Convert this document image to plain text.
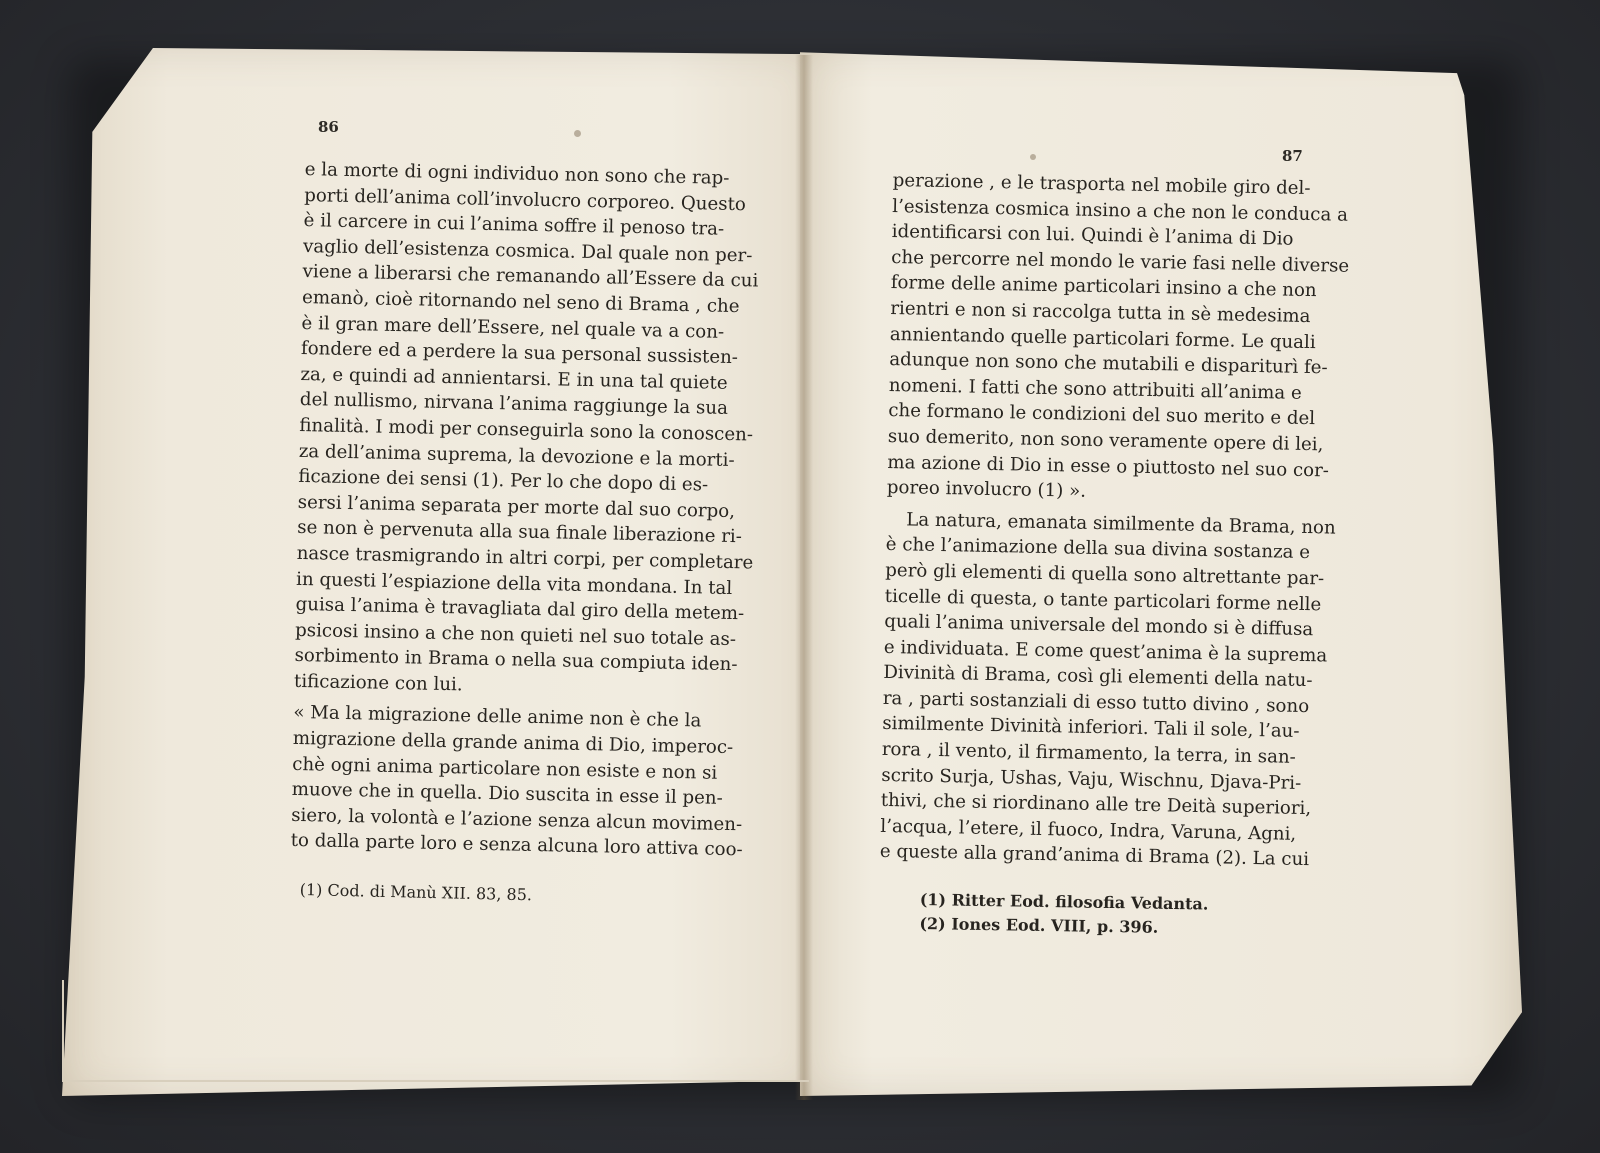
86
87
e la morte di ogni individuo non sono che rap-
porti dell’anima coll’involucro corporeo. Questo
è il carcere in cui l’anima soffre il penoso tra-
vaglio dell’esistenza cosmica. Dal quale non per-
viene a liberarsi che remanando all’Essere da cui
emanò, cioè ritornando nel seno di Brama , che
è il gran mare dell’Essere, nel quale va a con-
fondere ed a perdere la sua personal sussisten-
za, e quindi ad annientarsi. E in una tal quiete
del nullismo, nirvana l’anima raggiunge la sua
finalità. I modi per conseguirla sono la conoscen-
za dell’anima suprema, la devozione e la morti-
ficazione dei sensi (1). Per lo che dopo di es-
sersi l’anima separata per morte dal suo corpo,
se non è pervenuta alla sua finale liberazione ri-
nasce trasmigrando in altri corpi, per completare
in questi l’espiazione della vita mondana. In tal
guisa l’anima è travagliata dal giro della metem-
psicosi insino a che non quieti nel suo totale as-
sorbimento in Brama o nella sua compiuta iden-
tificazione con lui.
« Ma la migrazione delle anime non è che la
migrazione della grande anima di Dio, imperoc-
chè ogni anima particolare non esiste e non si
muove che in quella. Dio suscita in esse il pen-
siero, la volontà e l’azione senza alcun movimen-
to dalla parte loro e senza alcuna loro attiva coo-
(1) Cod. di Manù XII. 83, 85.
perazione , e le trasporta nel mobile giro del-
l’esistenza cosmica insino a che non le conduca a
identificarsi con lui. Quindi è l’anima di Dio
che percorre nel mondo le varie fasi nelle diverse
forme delle anime particolari insino a che non
rientri e non si raccolga tutta in sè medesima
annientando quelle particolari forme. Le quali
adunque non sono che mutabili e dispariturì fe-
nomeni. I fatti che sono attribuiti all’anima e
che formano le condizioni del suo merito e del
suo demerito, non sono veramente opere di lei,
ma azione di Dio in esse o piuttosto nel suo cor-
poreo involucro (1) ».
La natura, emanata similmente da Brama, non
è che l’animazione della sua divina sostanza e
però gli elementi di quella sono altrettante par-
ticelle di questa, o tante particolari forme nelle
quali l’anima universale del mondo si è diffusa
e individuata. E come quest’anima è la suprema
Divinità di Brama, così gli elementi della natu-
ra , parti sostanziali di esso tutto divino , sono
similmente Divinità inferiori. Tali il sole, l’au-
rora , il vento, il firmamento, la terra, in san-
scrito Surja, Ushas, Vaju, Wischnu, Djava-Pri-
thivi, che si riordinano alle tre Deità superiori,
l’acqua, l’etere, il fuoco, Indra, Varuna, Agni,
e queste alla grand’anima di Brama (2). La cui
(1) Ritter Eod. filosofia Vedanta.
(2) Iones Eod. VIII, p. 396.
